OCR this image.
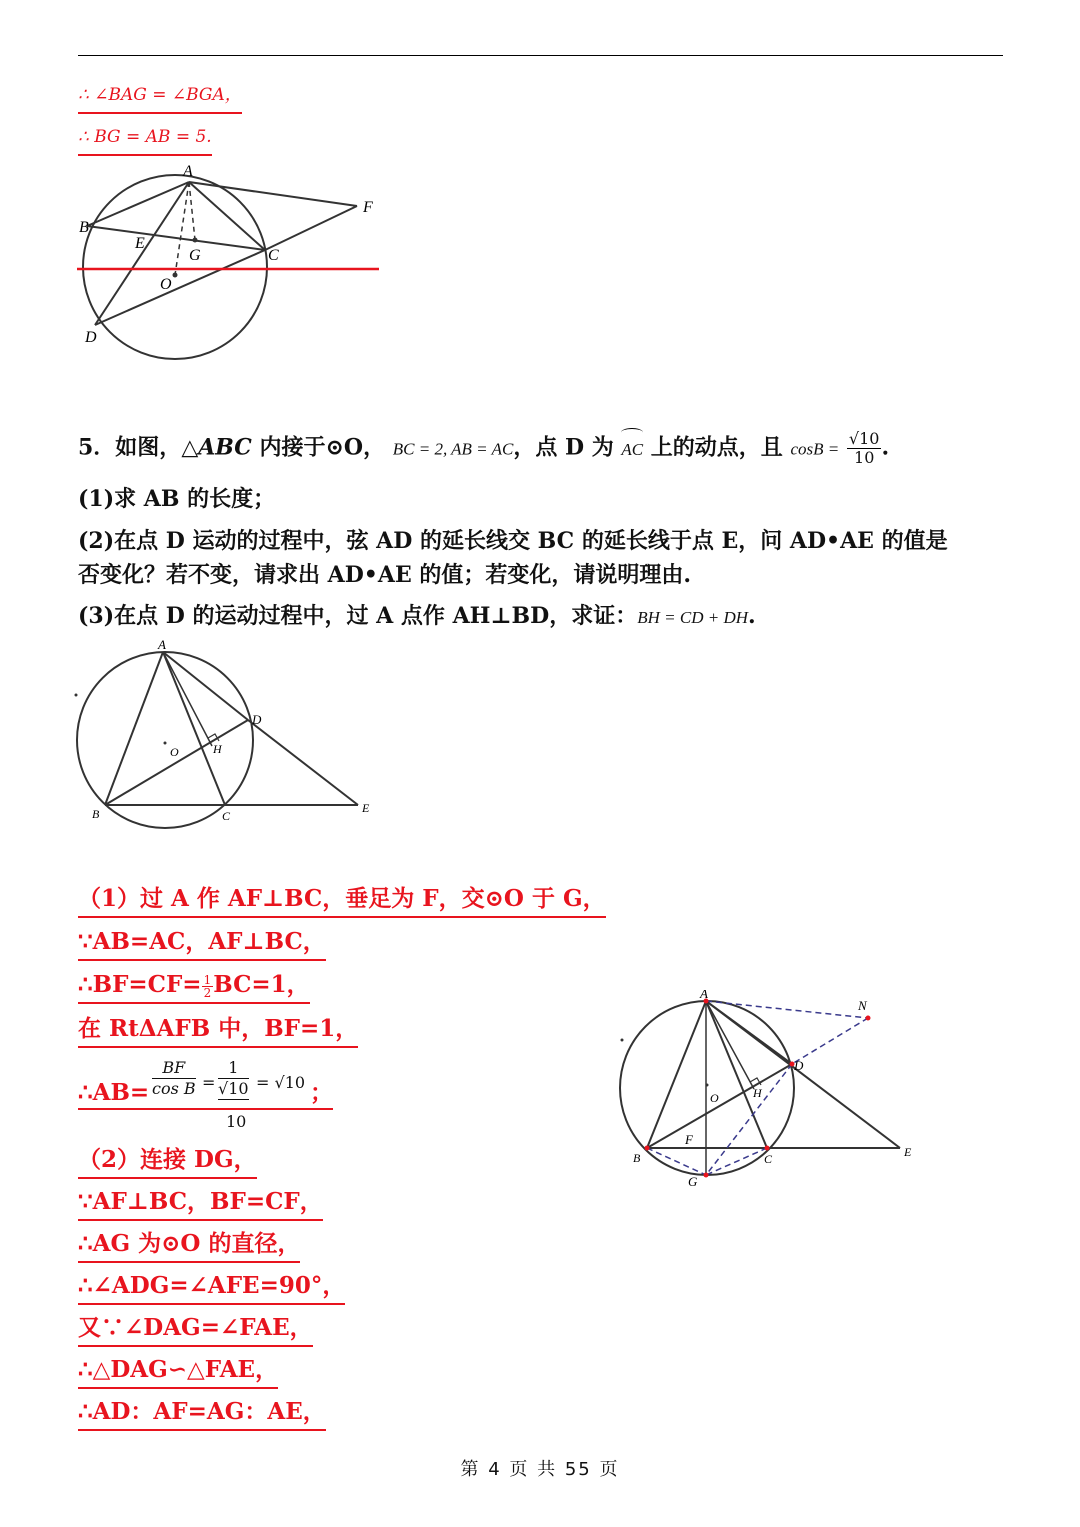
∴ ∠BAG = ∠BGA，
∴ BG = AB = 5.
A
B
E
G	C
F
O
D
5．如图，△ABC 内接于⊙O， BC = 2, AB = AC，点 D 为 AC 上的动点，且 $\cos B = \frac{√10}{10}$ .
(1)求 AB 的长度；
(2)在点 D 运动的过程中，弦 AD 的延长线交 BC 的延长线于点 E，问 AD•AE 的值是
否变化？若不变，请求出 AD•AE 的值；若变化，请说明理由.
(3)在点 D 的运动过程中，过 A 点作 AH⊥BD，求证：BH = CD + DH.
A
D
O	H
B	C
E
（1）过 A 作 AF⊥BC，垂足为 F，交⊙O 于 G，
∵AB=AC，AF⊥BC，
∴BF=CF= $\frac{1}{2} BC=1$，
在 RtΔAFB 中，BF=1，
∴AB=
BF
$\cos B = \frac{1}{√10} = √10$ ；
10
（2）连接 DG，
∵AF⊥BC，BF=CF，
∴AG 为⊙O 的直径，
∴∠ADG=∠AFE=90°，
又∵∠DAG=∠FAE，
∴△DAG∽△FAE，
∴AD：AF=AG：AE，
A
N
D
O	H
F
B	C	E
G
第 4 页 共 55 页
